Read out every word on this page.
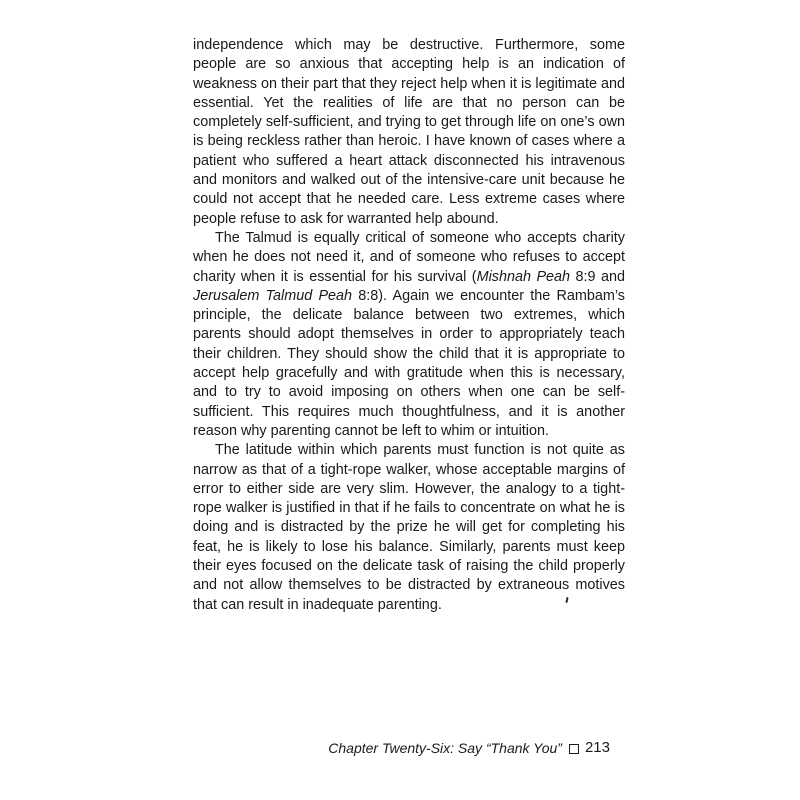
independence which may be destructive. Furthermore, some people are so anxious that accepting help is an indication of weakness on their part that they reject help when it is legitimate and essential. Yet the realities of life are that no person can be completely self-sufficient, and trying to get through life on one’s own is being reckless rather than heroic. I have known of cases where a patient who suffered a heart attack disconnected his intravenous and monitors and walked out of the intensive-care unit because he could not accept that he needed care. Less extreme cases where people refuse to ask for warranted help abound.

The Talmud is equally critical of someone who accepts charity when he does not need it, and of someone who refuses to accept charity when it is essential for his survival (Mishnah Peah 8:9 and Jerusalem Talmud Peah 8:8). Again we encounter the Rambam’s principle, the delicate balance between two extremes, which parents should adopt themselves in order to appropriately teach their children. They should show the child that it is appropriate to accept help gracefully and with gratitude when this is necessary, and to try to avoid imposing on others when one can be self-sufficient. This requires much thoughtfulness, and it is another reason why parenting cannot be left to whim or intuition.

The latitude within which parents must function is not quite as narrow as that of a tight-rope walker, whose acceptable margins of error to either side are very slim. However, the analogy to a tightrope walker is justified in that if he fails to concentrate on what he is doing and is distracted by the prize he will get for completing his feat, he is likely to lose his balance. Similarly, parents must keep their eyes focused on the delicate task of raising the child properly and not allow themselves to be distracted by extraneous motives that can result in inadequate parenting.

Chapter Twenty-Six: Say “Thank You” 213
